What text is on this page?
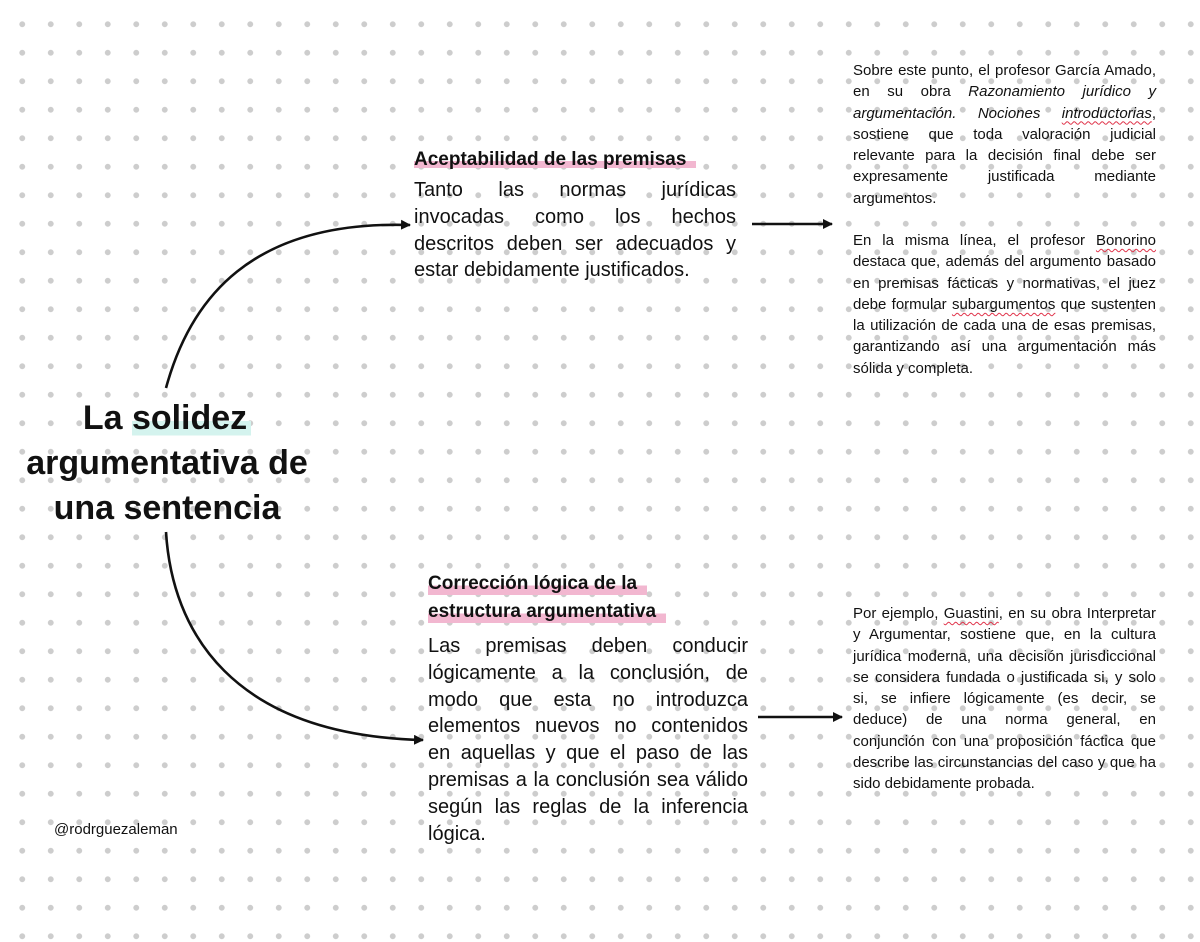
La solidez
argumentativa de
una sentencia
Aceptabilidad de las premisas

Tanto las normas jurídicas invocadas como los hechos descritos deben ser adecuados y estar debidamente justificados.

Sobre este punto, el profesor García Amado, en su obra Razonamiento jurídico y argumentación. Nociones introductorias, sostiene que toda valoración judicial relevante para la decisión final debe ser expresamente justificada mediante argumentos.

En la misma línea, el profesor Bonorino destaca que, además del argumento basado en premisas fácticas y normativas, el juez debe formular subargumentos que sustenten la utilización de cada una de esas premisas, garantizando así una argumentación más sólida y completa.

Corrección lógica de la
estructura argumentativa

Las premisas deben conducir lógicamente a la conclusión, de modo que esta no introduzca elementos nuevos no contenidos en aquellas y que el paso de las premisas a la conclusión sea válido según las reglas de la inferencia lógica.

Por ejemplo, Guastini, en su obra Interpretar y Argumentar, sostiene que, en la cultura jurídica moderna, una decisión jurisdiccional se considera fundada o justificada si, y solo si, se infiere lógicamente (es decir, se deduce) de una norma general, en conjunción con una proposición fáctica que describe las circunstancias del caso y que ha sido debidamente probada.

@rodrguezaleman
